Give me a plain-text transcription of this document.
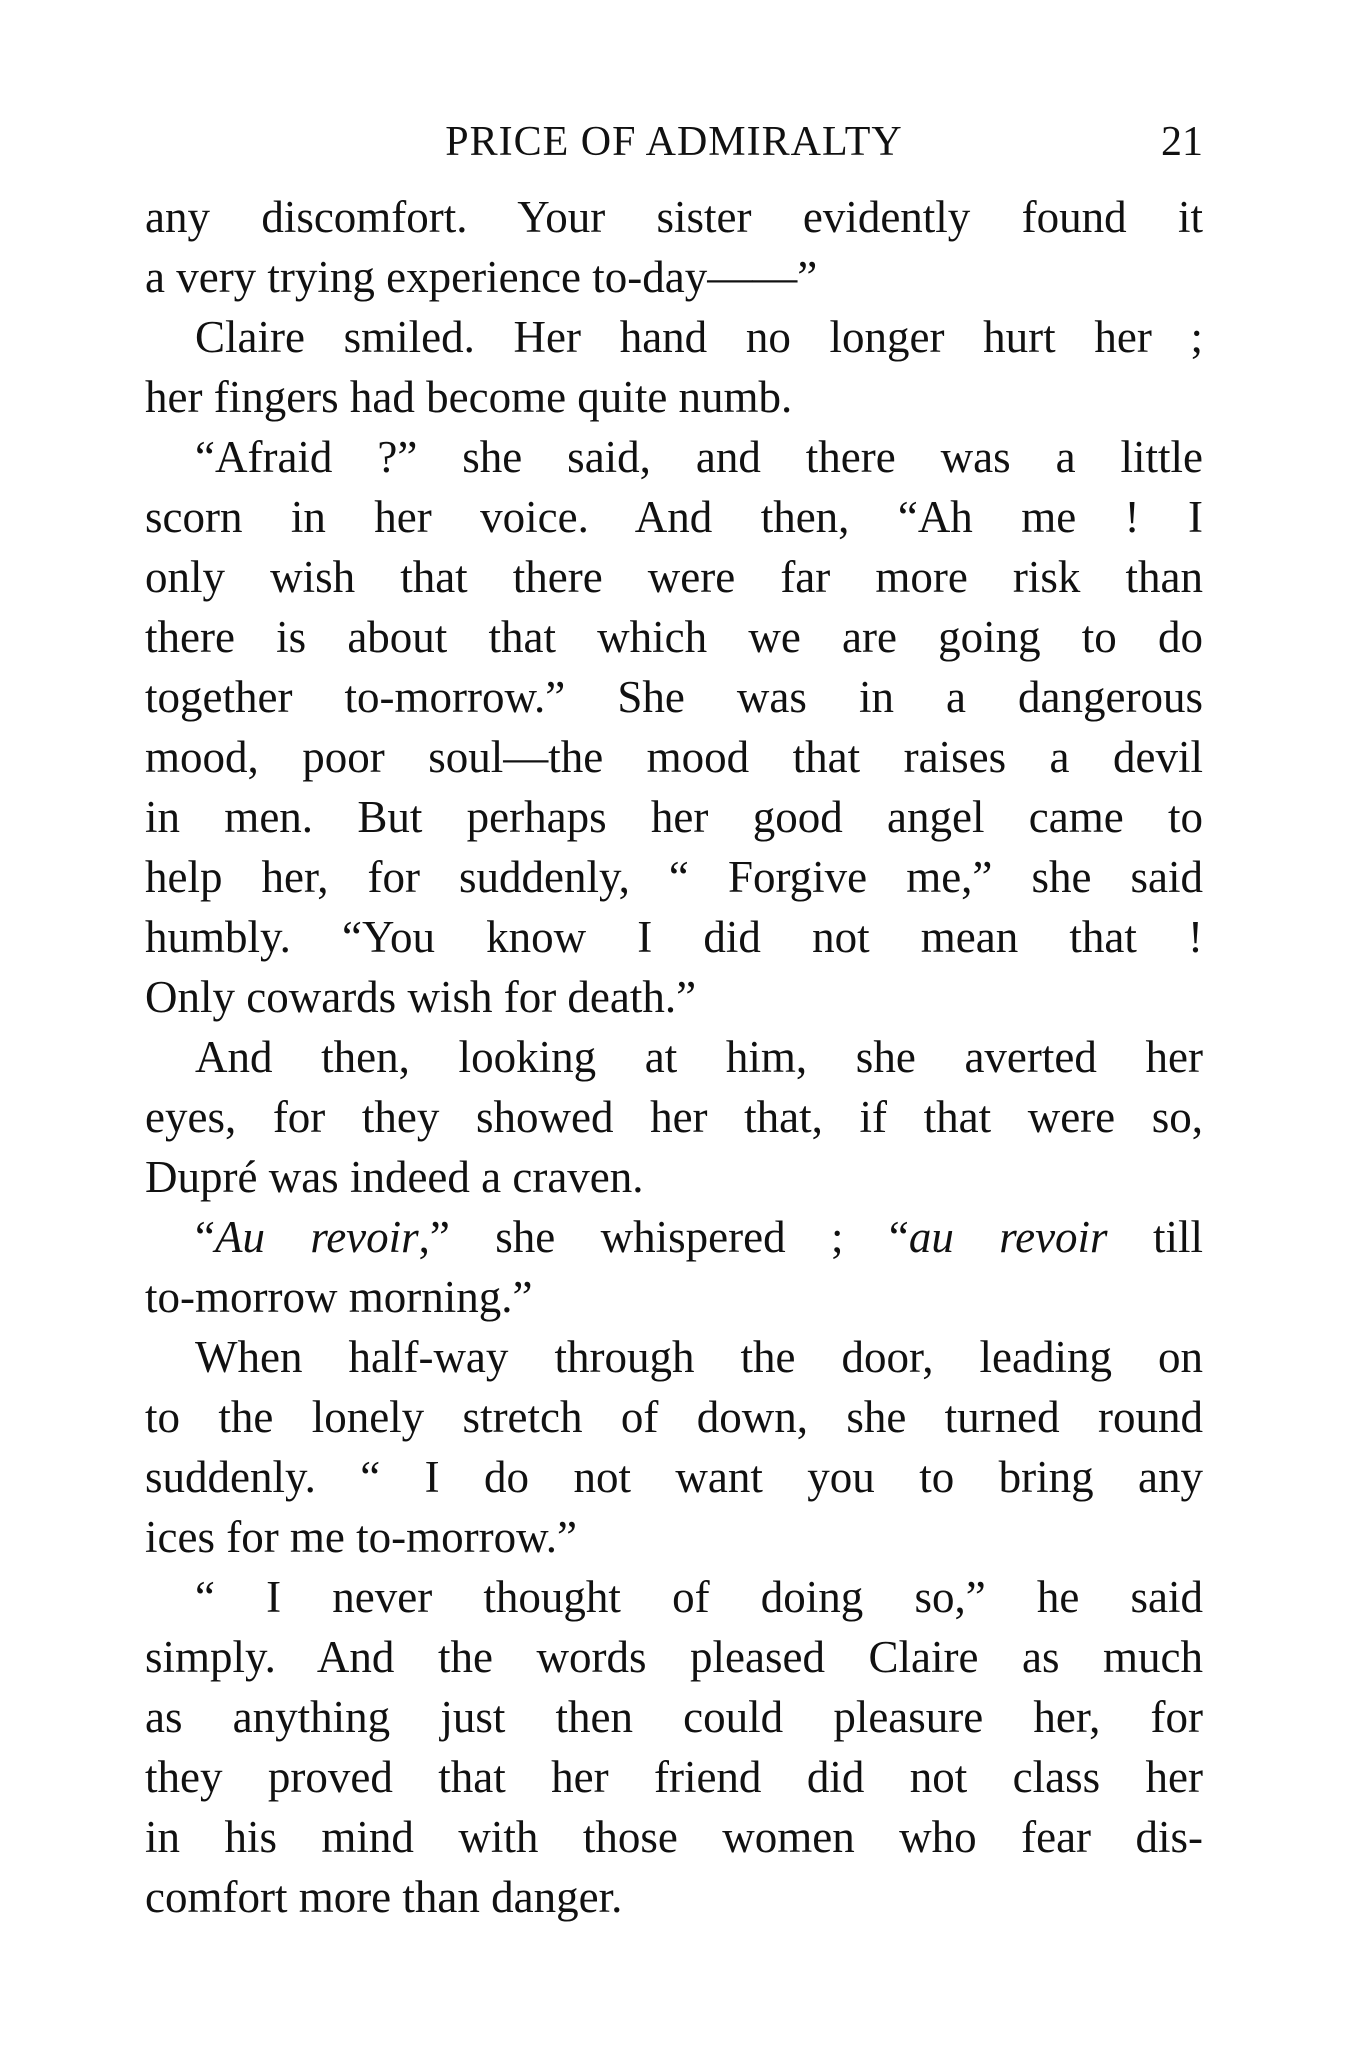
PRICE OF ADMIRALTY	21

any discomfort. Your sister evidently found it
a very trying experience to-day——”

Claire smiled. Her hand no longer hurt her ;
her fingers had become quite numb.

“Afraid ?” she said, and there was a little
scorn in her voice. And then, “Ah me ! I
only wish that there were far more risk than
there is about that which we are going to do
together to-morrow.” She was in a dangerous
mood, poor soul—the mood that raises a devil
in men. But perhaps her good angel came to
help her, for suddenly, “ Forgive me,” she said
humbly. “You know I did not mean that !
Only cowards wish for death.”

And then, looking at him, she averted her
eyes, for they showed her that, if that were so,
Dupré was indeed a craven.

“Au revoir,” she whispered ; “au revoir till
to-morrow morning.”

When half-way through the door, leading on
to the lonely stretch of down, she turned round
suddenly. “ I do not want you to bring any
ices for me to-morrow.”

“ I never thought of doing so,” he said
simply. And the words pleased Claire as much
as anything just then could pleasure her, for
they proved that her friend did not class her
in his mind with those women who fear dis-
comfort more than danger.
